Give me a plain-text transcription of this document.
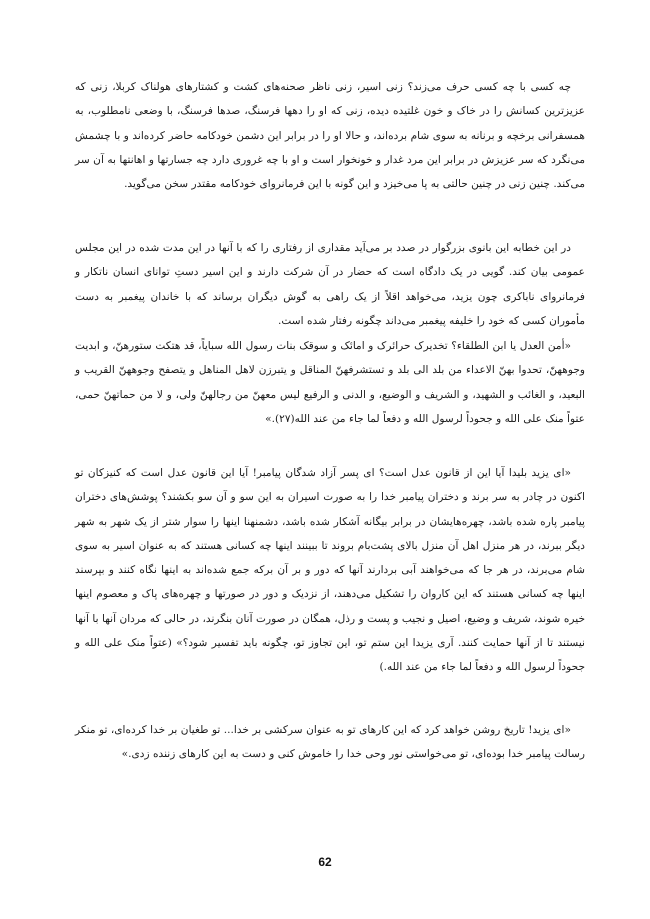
چه کسی با چه کسی حرف می‌زند؟ زنی اسیر، زنی ناظر صحنه‌های کشت و کشتارهای هولناک کربلا، زنی که عزیزترین کسانش را در خاک و خون غلتیده دیده، زنی که او را دهها فرسنگ، صدها فرسنگ، با وضعی نامطلوب، به همسفرانی برخچه و برنانه به سوی شام برده‌اند، و حالا او را در برابر این دشمن خودکامه حاضر کرده‌اند و با چشمش می‌نگرد که سر عزیزش در برابر این مرد غدار و خونخوار است و او با چه غروری دارد چه جسارتها و اهانتها به آن سر می‌کند. چنین زنی در چنین حالتی به پا می‌خیزد و این گونه با این فرمانروای خودکامه مقتدر سخن می‌گوید.

در این خطابه این بانوی بزرگوار در صدد بر می‌آید مقداری از رفتاری را که با آنها در این مدت شده در این مجلس عمومی بیان کند. گویی در یک دادگاه است که حضار در آن شرکت دارند و این اسیر دستِ توانای انسان ناتکار و فرمانروای ناباکری چون یزید، می‌خواهد اقلاً از یک راهی به گوش دیگران برساند که با خاندان پیغمبر به دست مأموران کسی که خود را خلیفه پیغمبر می‌داند چگونه رفتار شده است.

«أمن العدل یا ابن الطلقاء؟ تخدیرک حرائرک و امائک و سوقک بنات رسول الله سبایاً، قد هتکت ستورهنّ، و ابدیت وجوههنّ، تحدوا بهنّ الاعداء من بلد الی بلد و تستشرفهنّ المناقل و یتبرزن لاهل المناهل و یتصفح وجوههنّ القریب و البعید، و الغائب و الشهید، و الشریف و الوضیع، و الدنی و الرفیع لیس معهنّ من رجالهنّ ولی، و لا من حماتهنّ حمی، عتواً منک علی الله و جحوداً لرسول الله و دفعاً لما جاء من عند الله(۲۷).»

«ای یزید بلیدا آیا این از قانون عدل است؟ ای پسر آزاد شدگان پیامبر! آیا این قانون عدل است که کنیزکان تو اکنون در چادر به سر برند و دختران پیامبر خدا را به صورت اسیران به این سو و آن سو بکشند؟ پوشش‌های دختران پیامبر پاره شده باشد، چهره‌هایشان در برابر بیگانه آشکار شده باشد، دشمنهنا اینها را سوار شتر از یک شهر به شهر دیگر ببرند، در هر منزل اهل آن منزل بالای پشت‌بام بروند تا ببینند اینها چه کسانی هستند که به عنوان اسیر به سوی شام می‌برند، در هر جا که می‌خواهند آبی بردارند آنها که دور و بر آن برکه جمع شده‌اند به اینها نگاه کنند و بپرسند اینها چه کسانی هستند که این کاروان را تشکیل می‌دهند، از نزدیک و دور در صورتها و چهره‌های پاک و معصوم اینها خیره شوند، شریف و وضیع، اصیل و نجیب و پست و رذل، همگان در صورت آنان بنگرند، در حالی که مردان آنها با آنها نیستند تا از آنها حمایت کنند. آری یزیدا این ستم تو، این تجاوز تو، چگونه باید تفسیر شود؟» (عتواً منک علی الله و جحوداً لرسول الله و دفعاً لما جاء من عند الله.)

«ای یزید! تاریخ روشن خواهد کرد که این کارهای تو به عنوان سرکشی بر خدا... تو طغیان بر خدا کرده‌ای، تو منکر رسالت پیامبر خدا بوده‌ای، تو می‌خواستی نور وحی خدا را خاموش کنی و دست به این کارهای زننده زدی.»

62
